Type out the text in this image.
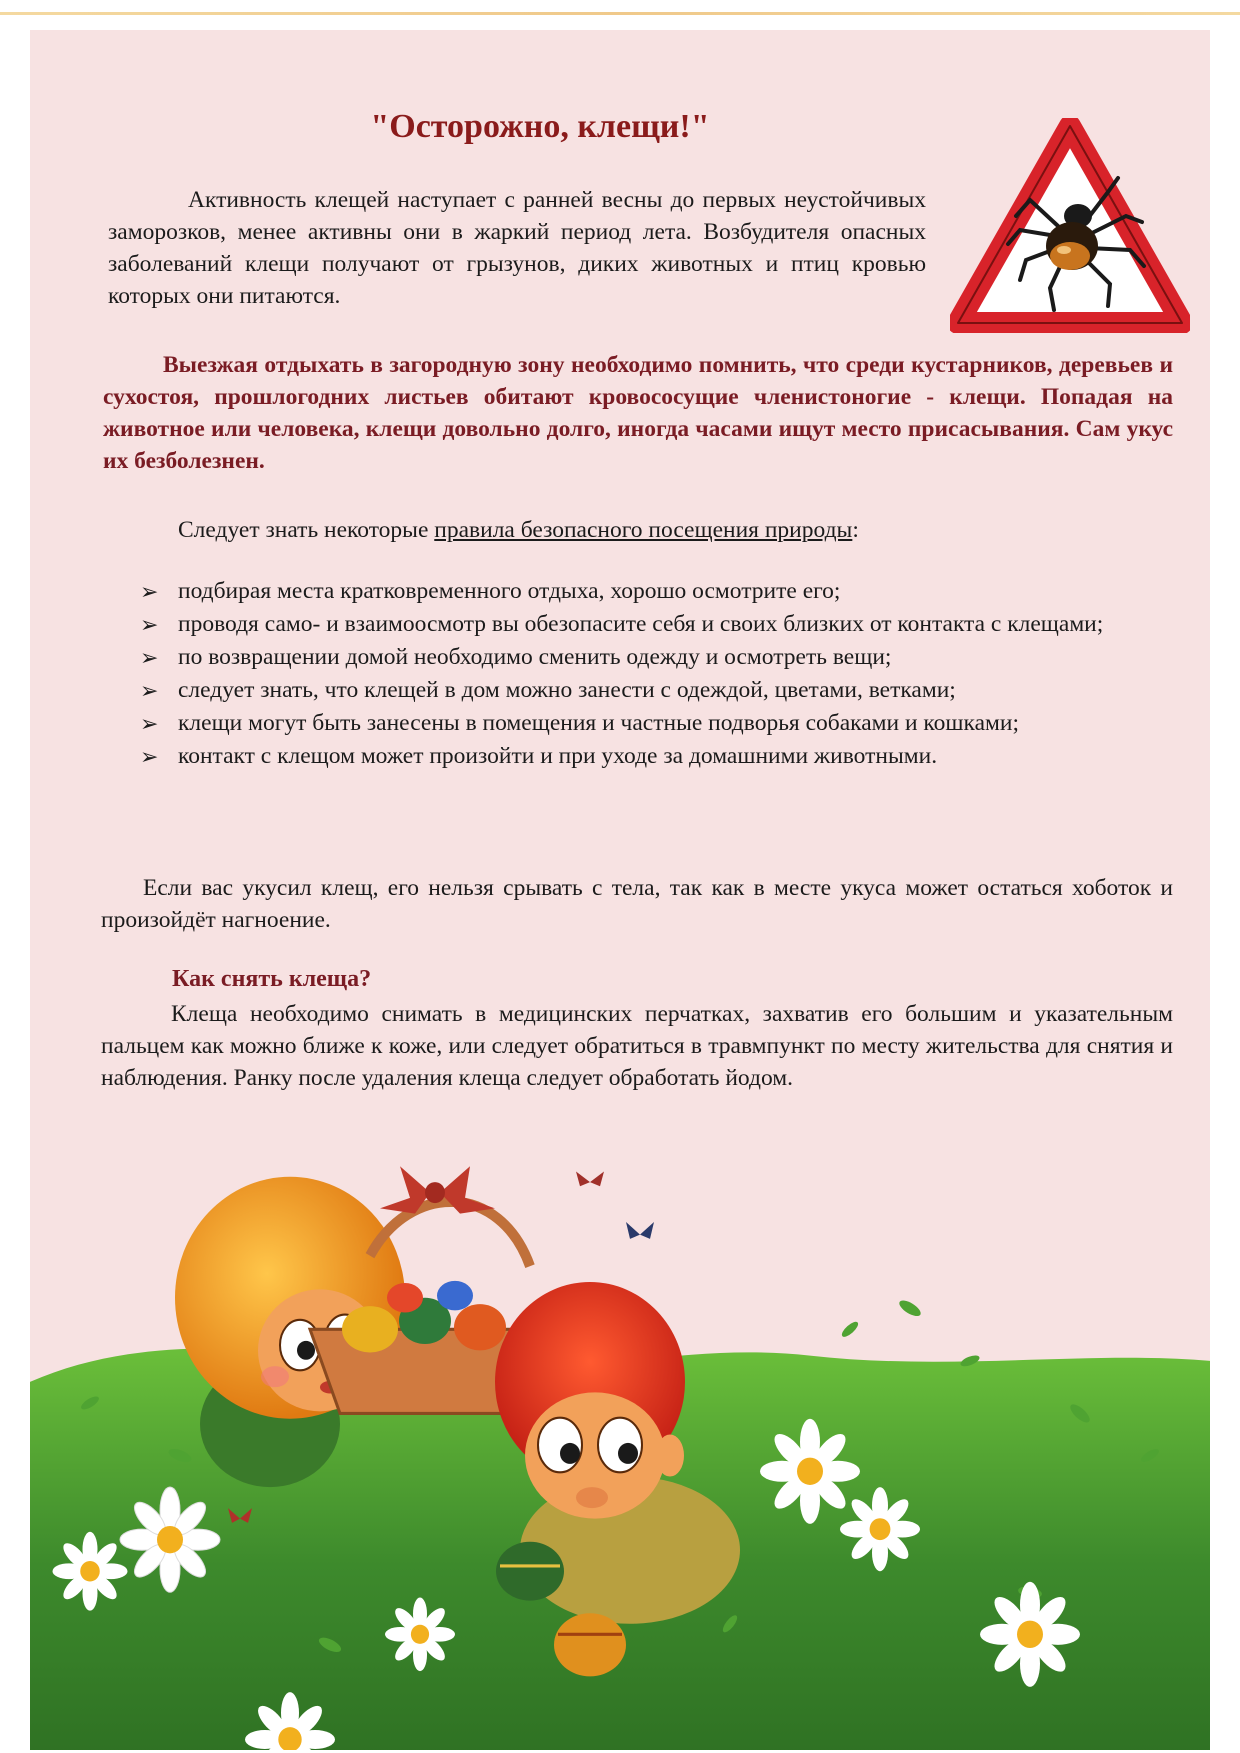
"Осторожно, клещи!"

Активность клещей наступает с ранней весны до первых неустойчивых заморозков, менее активны они в жаркий период лета. Возбудителя опасных заболеваний клещи получают от грызунов, диких животных и птиц кровью которых они питаются.

Выезжая отдыхать в загородную зону необходимо помнить, что среди кустарников, деревьев и сухостоя, прошлогодних листьев обитают кровососущие членистоногие - клещи. Попадая на животное или человека, клещи довольно долго, иногда часами ищут место присасывания. Сам укус их безболезнен.

Следует знать некоторые правила безопасного посещения природы:

➢ подбирая места кратковременного отдыха, хорошо осмотрите его;
➢ проводя само- и взаимоосмотр вы обезопасите себя и своих близких от контакта с клещами;
➢ по возвращении домой необходимо сменить одежду и осмотреть вещи;
➢ следует знать, что клещей в дом можно занести с одеждой, цветами, ветками;
➢ клещи могут быть занесены в помещения и частные подворья собаками и кошками;
➢ контакт с клещом может произойти и при уходе за домашними животными.

Если вас укусил клещ, его нельзя срывать с тела, так как в месте укуса может остаться хоботок и произойдёт нагноение.

Как снять клеща?

Клеща необходимо снимать в медицинских перчатках, захватив его большим и указательным пальцем как можно ближе к коже, или следует обратиться в травмпункт по месту жительства для снятия и наблюдения. Ранку после удаления клеща следует обработать йодом.
